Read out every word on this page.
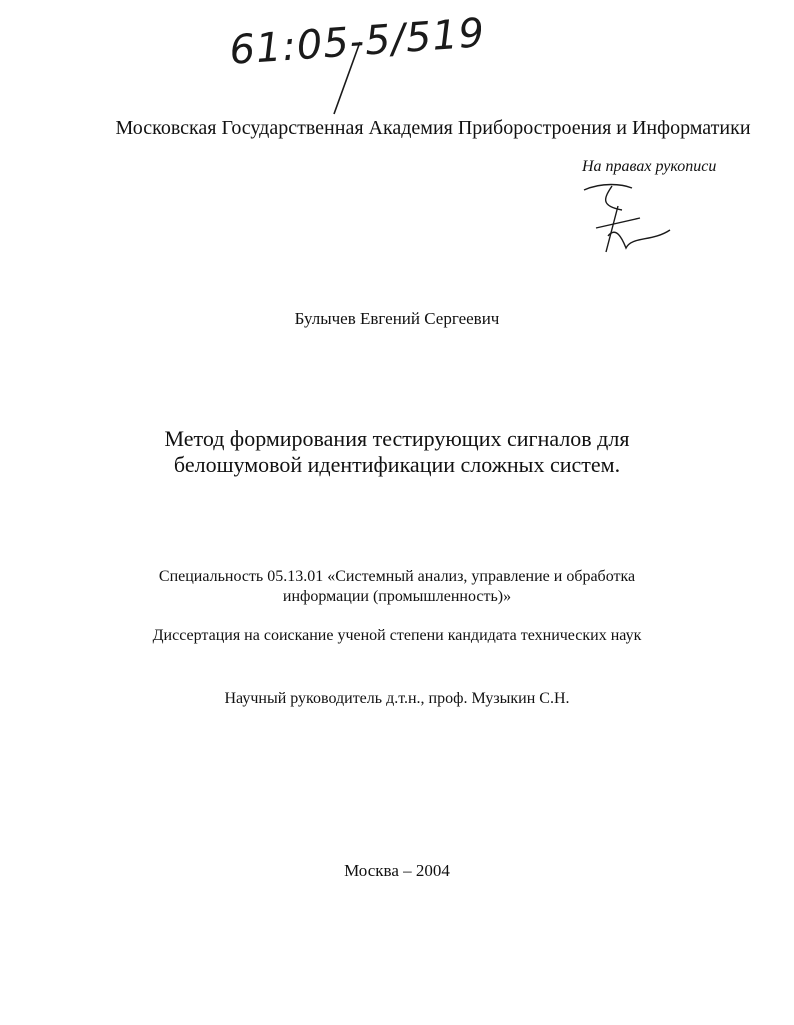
61:05-5/519
Московская Государственная Академия Приборостроения и Информатики
На правах рукописи
Булычев Евгений Сергеевич
Метод формирования тестирующих сигналов для
белошумовой идентификации сложных систем.
Специальность 05.13.01 «Системный анализ, управление и обработка
информации (промышленность)»
Диссертация на соискание ученой степени кандидата технических наук
Научный руководитель д.т.н., проф. Музыкин С.Н.
Москва – 2004
